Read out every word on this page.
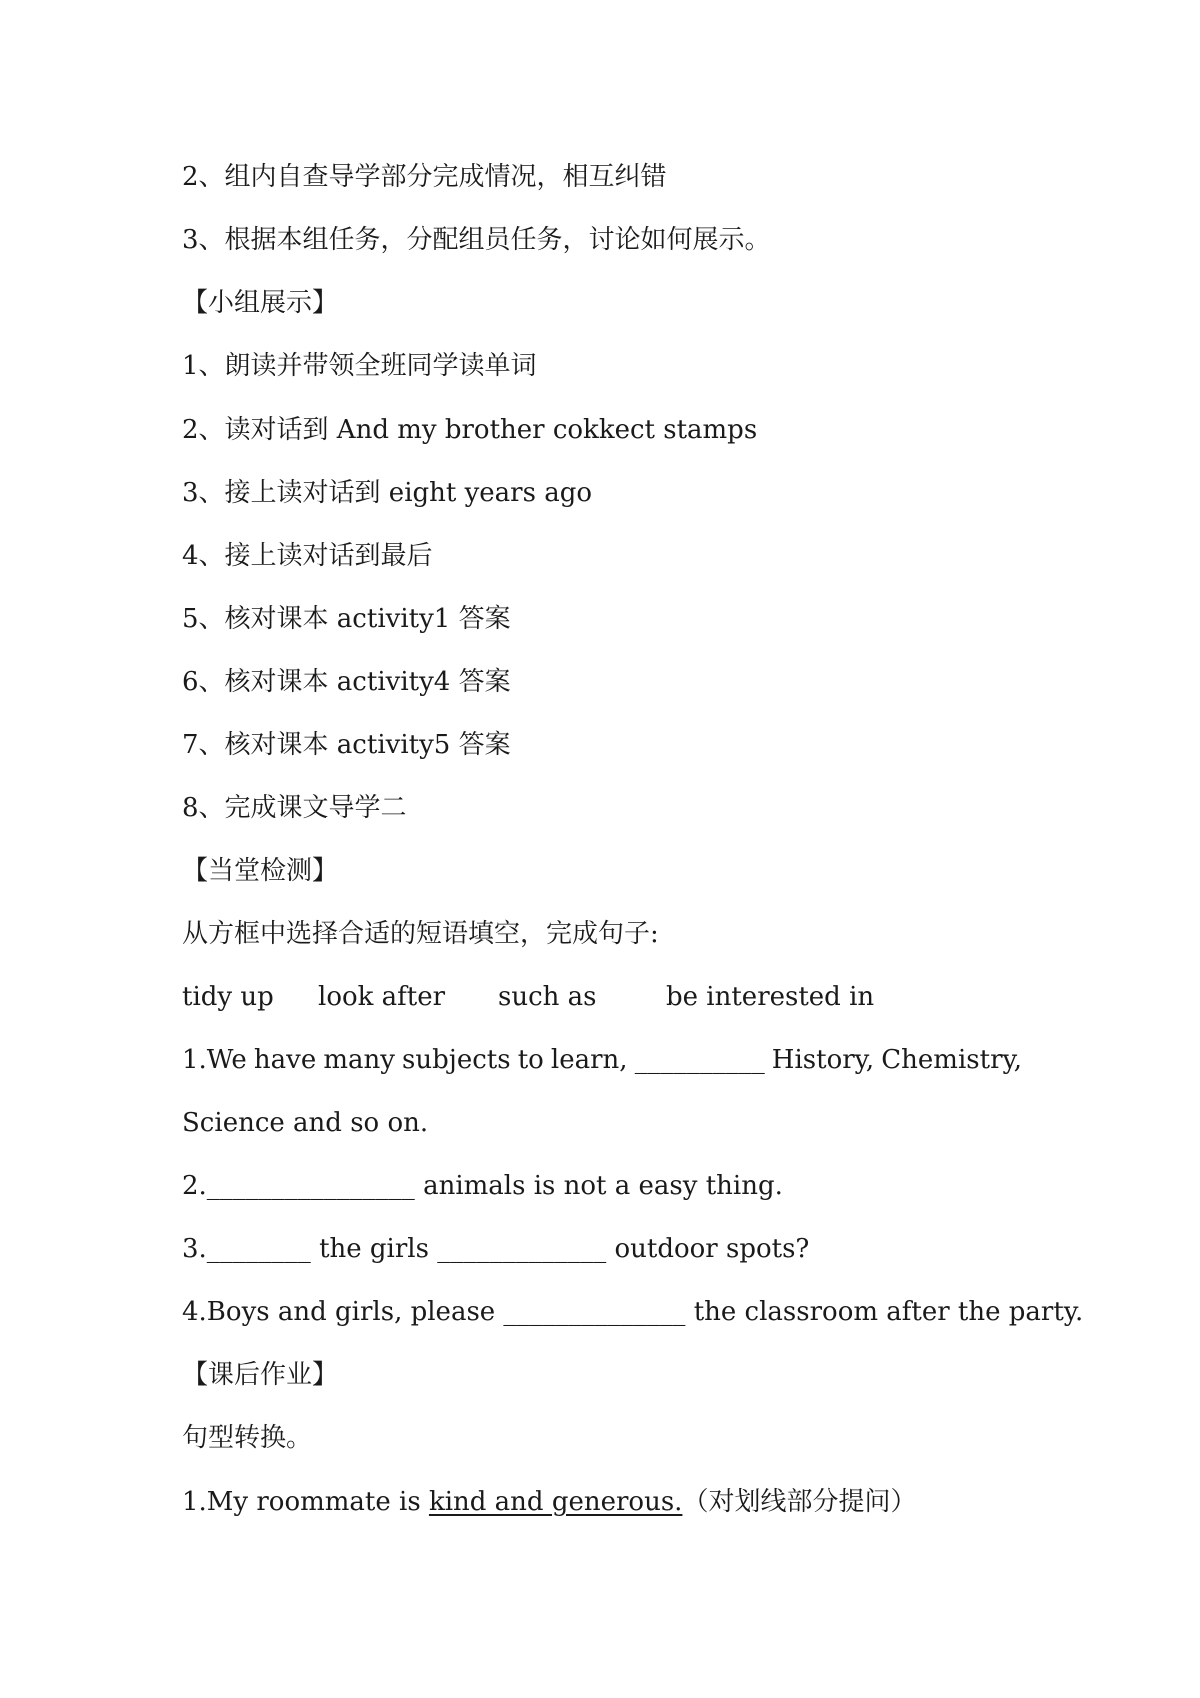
2、组内自查导学部分完成情况，相互纠错
3、根据本组任务，分配组员任务，讨论如何展示。
【小组展示】
1、朗读并带领全班同学读单词
2、读对话到 And my brother cokkect stamps
3、接上读对话到 eight years ago
4、接上读对话到最后
5、核对课本 activity1 答案
6、核对课本 activity4 答案
7、核对课本 activity5 答案
8、完成课文导学二
【当堂检测】
从方框中选择合适的短语填空，完成句子:
tidy up look after such as	be interested in
1.We have many subjects to learn, __________ History, Chemistry,
Science and so on.
2.________________ animals is not a easy thing.
3.________ the girls _____________ outdoor spots?
4.Boys and girls, please ______________ the classroom after the party.
【课后作业】
句型转换。
1.My roommate is kind and generous.（对划线部分提问）
